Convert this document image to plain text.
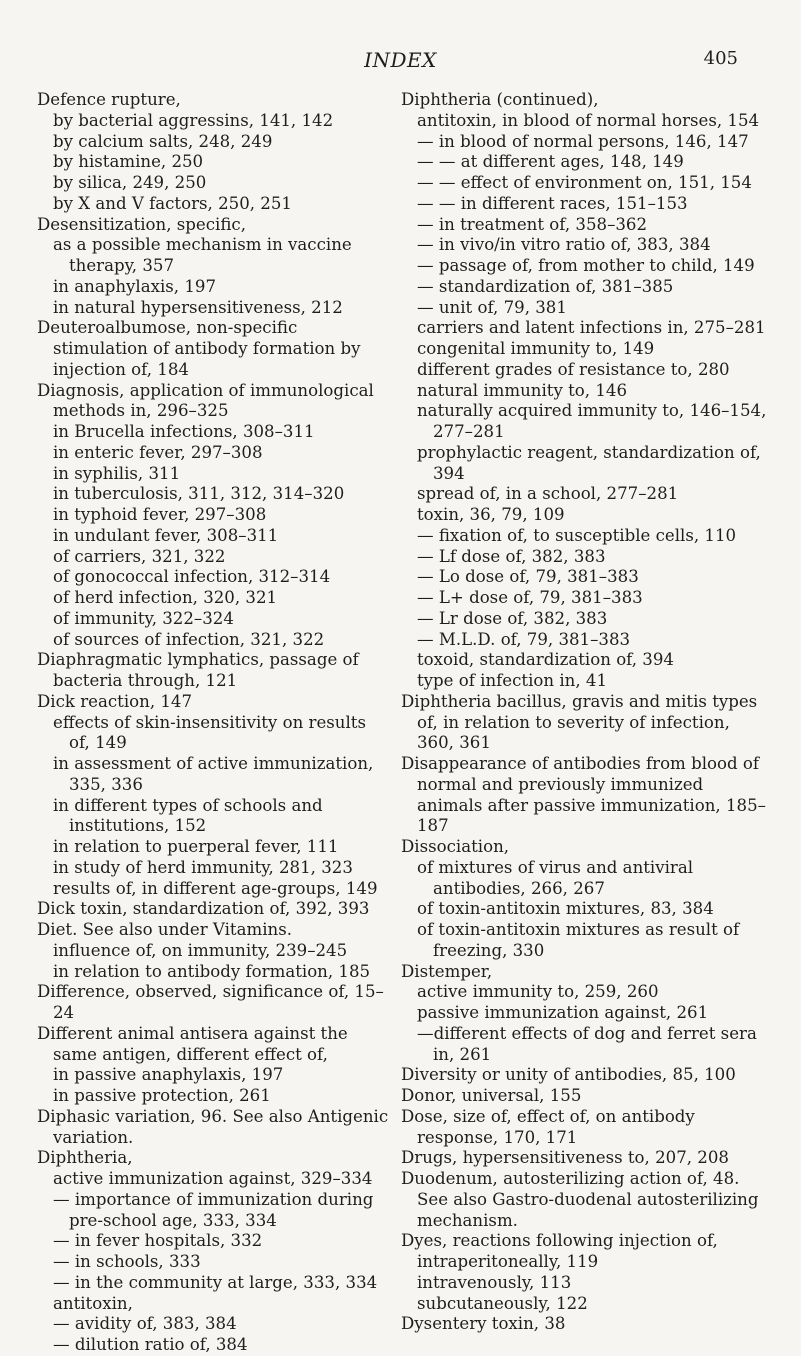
INDEX	405
Defence rupture,
by bacterial aggressins, 141, 142
by calcium salts, 248, 249
by histamine, 250
by silica, 249, 250
by X and V factors, 250, 251
Desensitization, specific,
as a possible mechanism in vaccine therapy, 357
in anaphylaxis, 197
in natural hypersensitiveness, 212
Deuteroalbumose, non-specific stimulation of antibody formation by injection of, 184
Diagnosis, application of immunological methods in, 296–325
in Brucella infections, 308–311
in enteric fever, 297–308
in syphilis, 311
in tuberculosis, 311, 312, 314–320
in typhoid fever, 297–308
in undulant fever, 308–311
of carriers, 321, 322
of gonococcal infection, 312–314
of herd infection, 320, 321
of immunity, 322–324
of sources of infection, 321, 322
Diaphragmatic lymphatics, passage of bacteria through, 121
Dick reaction, 147
effects of skin-insensitivity on results of, 149
in assessment of active immunization, 335, 336
in different types of schools and institutions, 152
in relation to puerperal fever, 111
in study of herd immunity, 281, 323
results of, in different age-groups, 149
Dick toxin, standardization of, 392, 393
Diet. See also under Vitamins.
influence of, on immunity, 239–245
in relation to antibody formation, 185
Difference, observed, significance of, 15–24
Different animal antisera against the same antigen, different effect of,
in passive anaphylaxis, 197
in passive protection, 261
Diphasic variation, 96. See also Antigenic variation.
Diphtheria,
active immunization against, 329–334
— importance of immunization during pre-school age, 333, 334
— in fever hospitals, 332
— in schools, 333
— in the community at large, 333, 334
antitoxin,
— avidity of, 383, 384
— dilution ratio of, 384
Diphtheria (continued),
antitoxin, in blood of normal horses, 154
— in blood of normal persons, 146, 147
— — at different ages, 148, 149
— — effect of environment on, 151, 154
— — in different races, 151–153
— in treatment of, 358–362
— in vivo/in vitro ratio of, 383, 384
— passage of, from mother to child, 149
— standardization of, 381–385
— unit of, 79, 381
carriers and latent infections in, 275–281
congenital immunity to, 149
different grades of resistance to, 280
natural immunity to, 146
naturally acquired immunity to, 146–154, 277–281
prophylactic reagent, standardization of, 394
spread of, in a school, 277–281
toxin, 36, 79, 109
— fixation of, to susceptible cells, 110
— Lf dose of, 382, 383
— Lo dose of, 79, 381–383
— L+ dose of, 79, 381–383
— Lr dose of, 382, 383
— M.L.D. of, 79, 381–383
toxoid, standardization of, 394
type of infection in, 41
Diphtheria bacillus, gravis and mitis types of, in relation to severity of infection, 360, 361
Disappearance of antibodies from blood of normal and previously immunized animals after passive immunization, 185–187
Dissociation,
of mixtures of virus and antiviral antibodies, 266, 267
of toxin-antitoxin mixtures, 83, 384
of toxin-antitoxin mixtures as result of freezing, 330
Distemper,
active immunity to, 259, 260
passive immunization against, 261
—different effects of dog and ferret sera in, 261
Diversity or unity of antibodies, 85, 100
Donor, universal, 155
Dose, size of, effect of, on antibody response, 170, 171
Drugs, hypersensitiveness to, 207, 208
Duodenum, autosterilizing action of, 48. See also Gastro-duodenal autosterilizing mechanism.
Dyes, reactions following injection of,
intraperitoneally, 119
intravenously, 113
subcutaneously, 122
Dysentery toxin, 38
